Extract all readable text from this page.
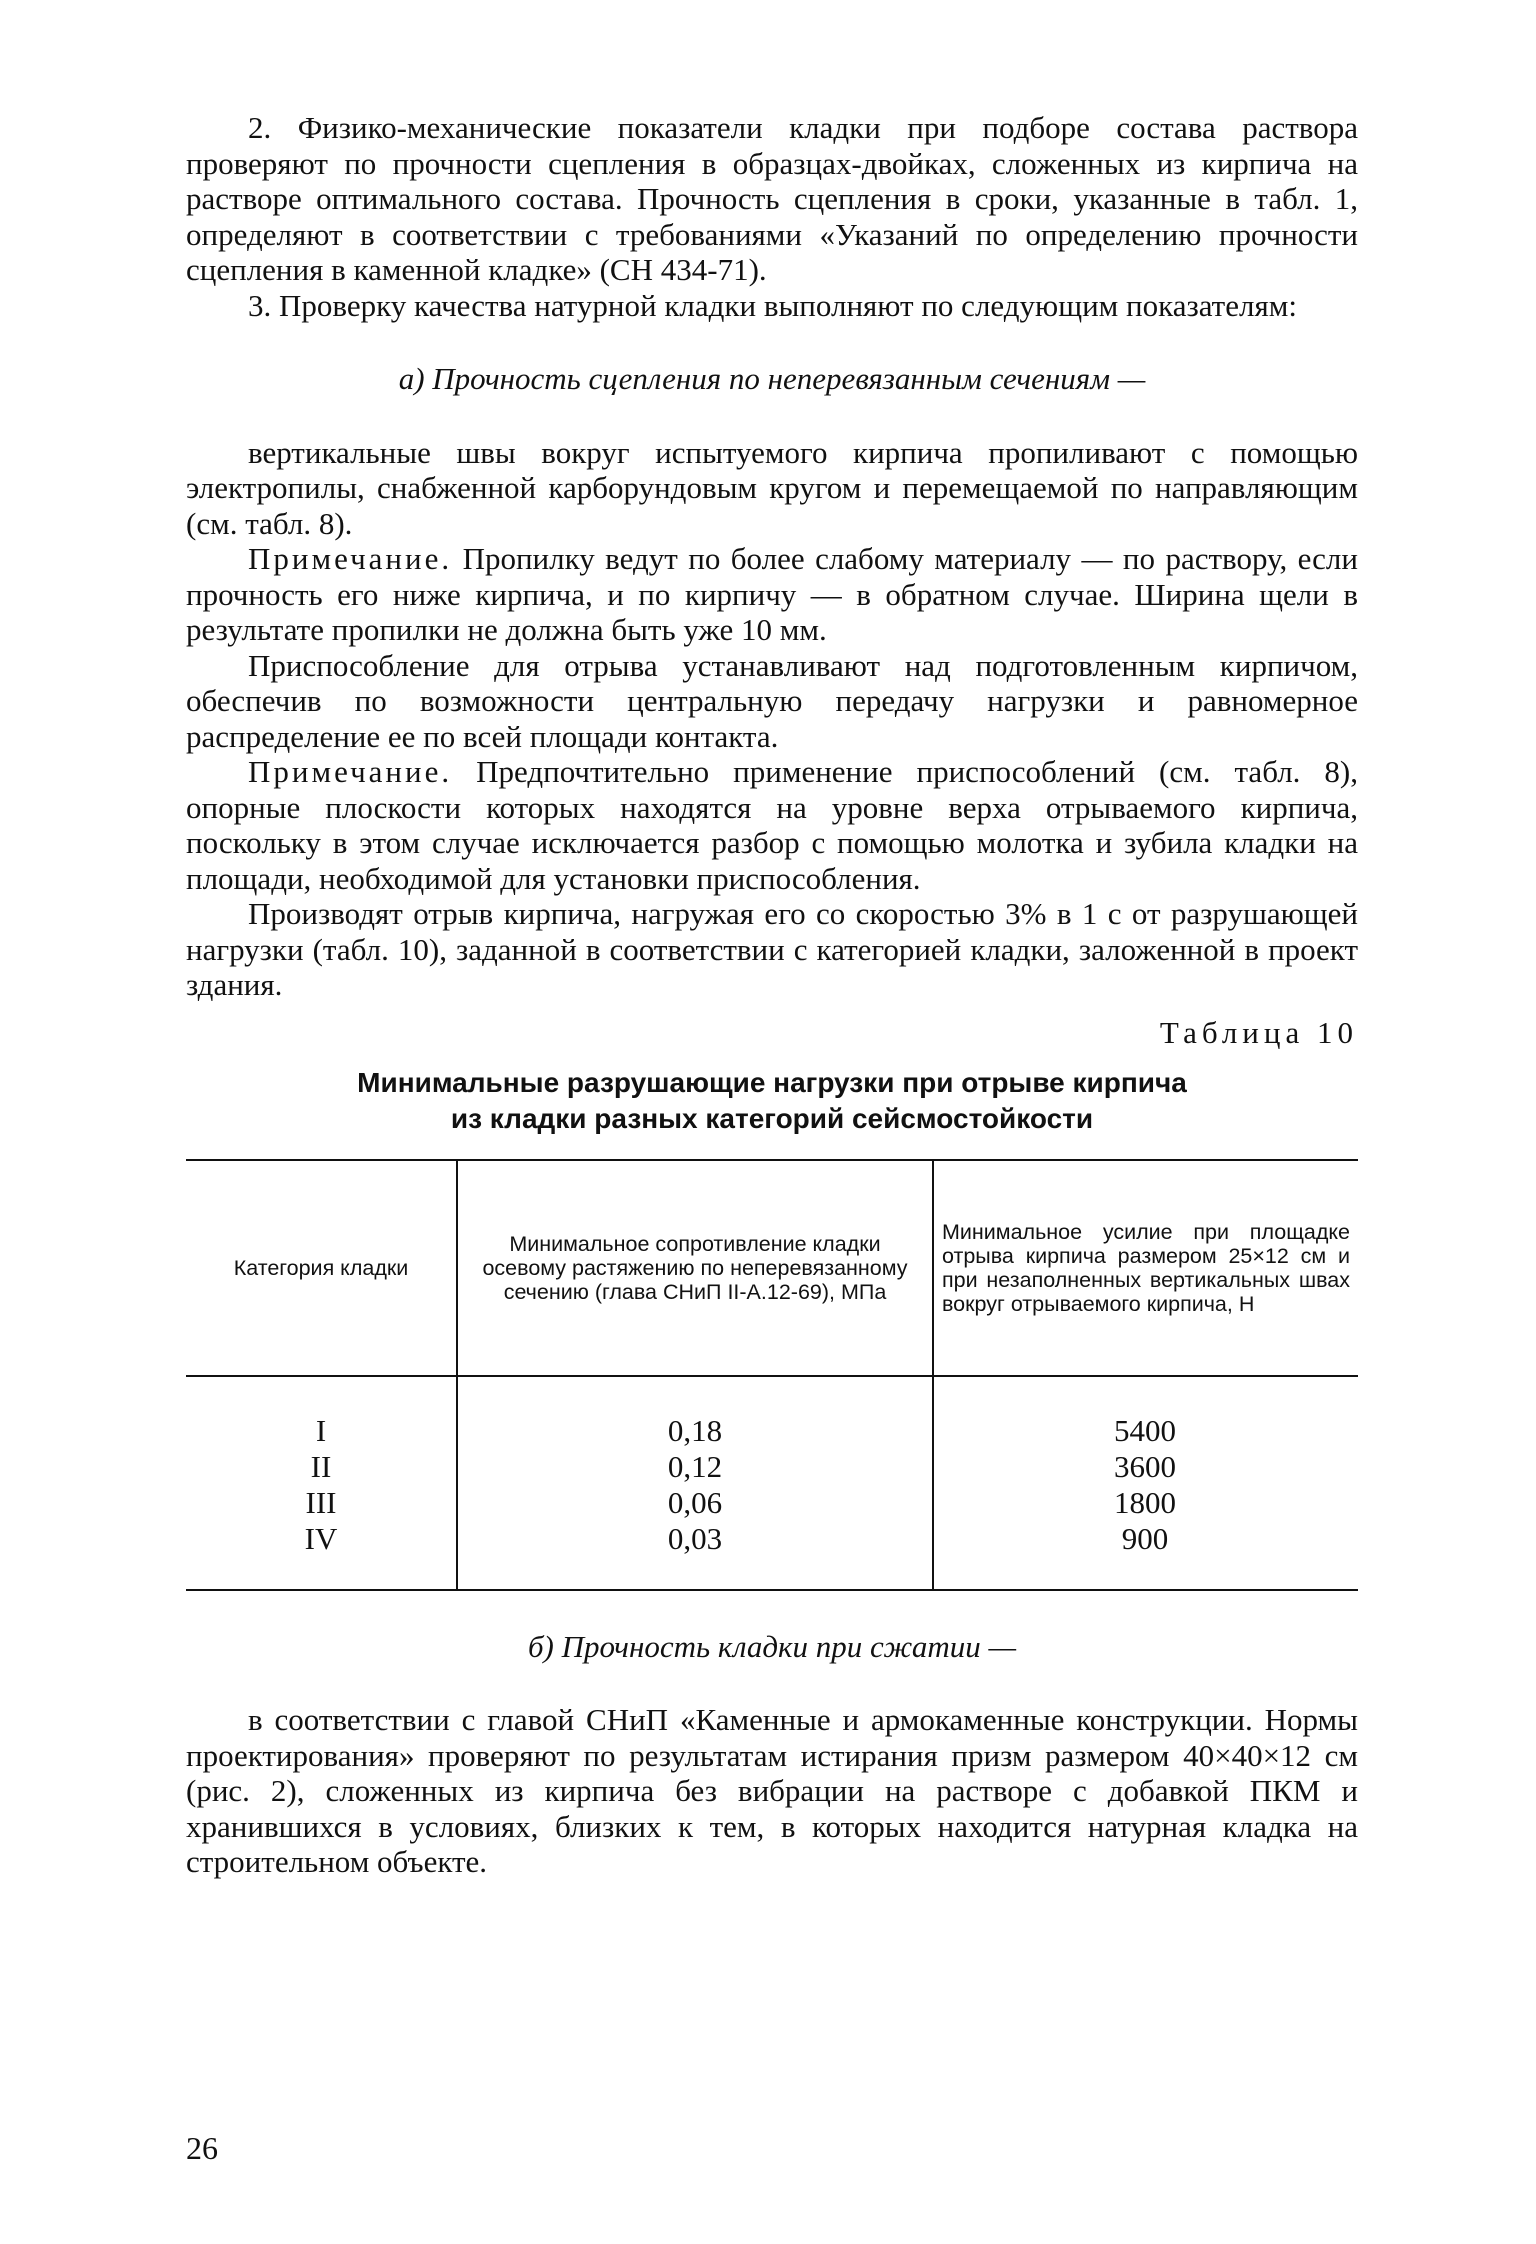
2. Физико-механические показатели кладки при подборе состава раствора проверяют по прочности сцепления в образцах-двойках, сложенных из кирпича на растворе оптимального состава. Прочность сцепления в сроки, указанные в табл. 1, определяют в соответствии с требованиями «Указаний по определению прочности сцепления в каменной кладке» (СН 434-71).

3. Проверку качества натурной кладки выполняют по следующим показателям:

а) Прочность сцепления по неперевязанным сечениям —

вертикальные швы вокруг испытуемого кирпича пропиливают с помощью электропилы, снабженной карборундовым кругом и перемещаемой по направляющим (см. табл. 8).

Примечание. Пропилку ведут по более слабому материалу — по раствору, если прочность его ниже кирпича, и по кирпичу — в обратном случае. Ширина щели в результате пропилки не должна быть уже 10 мм.

Приспособление для отрыва устанавливают над подготовленным кирпичом, обеспечив по возможности центральную передачу нагрузки и равномерное распределение ее по всей площади контакта.

Примечание. Предпочтительно применение приспособлений (см. табл. 8), опорные плоскости которых находятся на уровне верха отрываемого кирпича, поскольку в этом случае исключается разбор с помощью молотка и зубила кладки на площади, необходимой для установки приспособления.

Производят отрыв кирпича, нагружая его со скоростью 3% в 1 с от разрушающей нагрузки (табл. 10), заданной в соответствии с категорией кладки, заложенной в проект здания.

Таблица 10
Минимальные разрушающие нагрузки при отрыве кирпича
из кладки разных категорий сейсмостойкости
Категория кладки
Минимальное сопротивление кладки осевому растяжению по неперевязанному сечению (глава СНиП II-А.12-69), МПа
Минимальное усилие при площадке отрыва кирпича размером 25×12 см и при незаполненных вертикальных швах вокруг отрываемого кирпича, Н
I
II
III
IV
0,18
0,12
0,06
0,03
5400
3600
1800
900

б) Прочность кладки при сжатии —

в соответствии с главой СНиП «Каменные и армокаменные конструкции. Нормы проектирования» проверяют по результатам истирания призм размером 40×40×12 см (рис. 2), сложенных из кирпича без вибрации на растворе с добавкой ПКМ и хранившихся в условиях, близких к тем, в которых находится натурная кладка на строительном объекте.

26
